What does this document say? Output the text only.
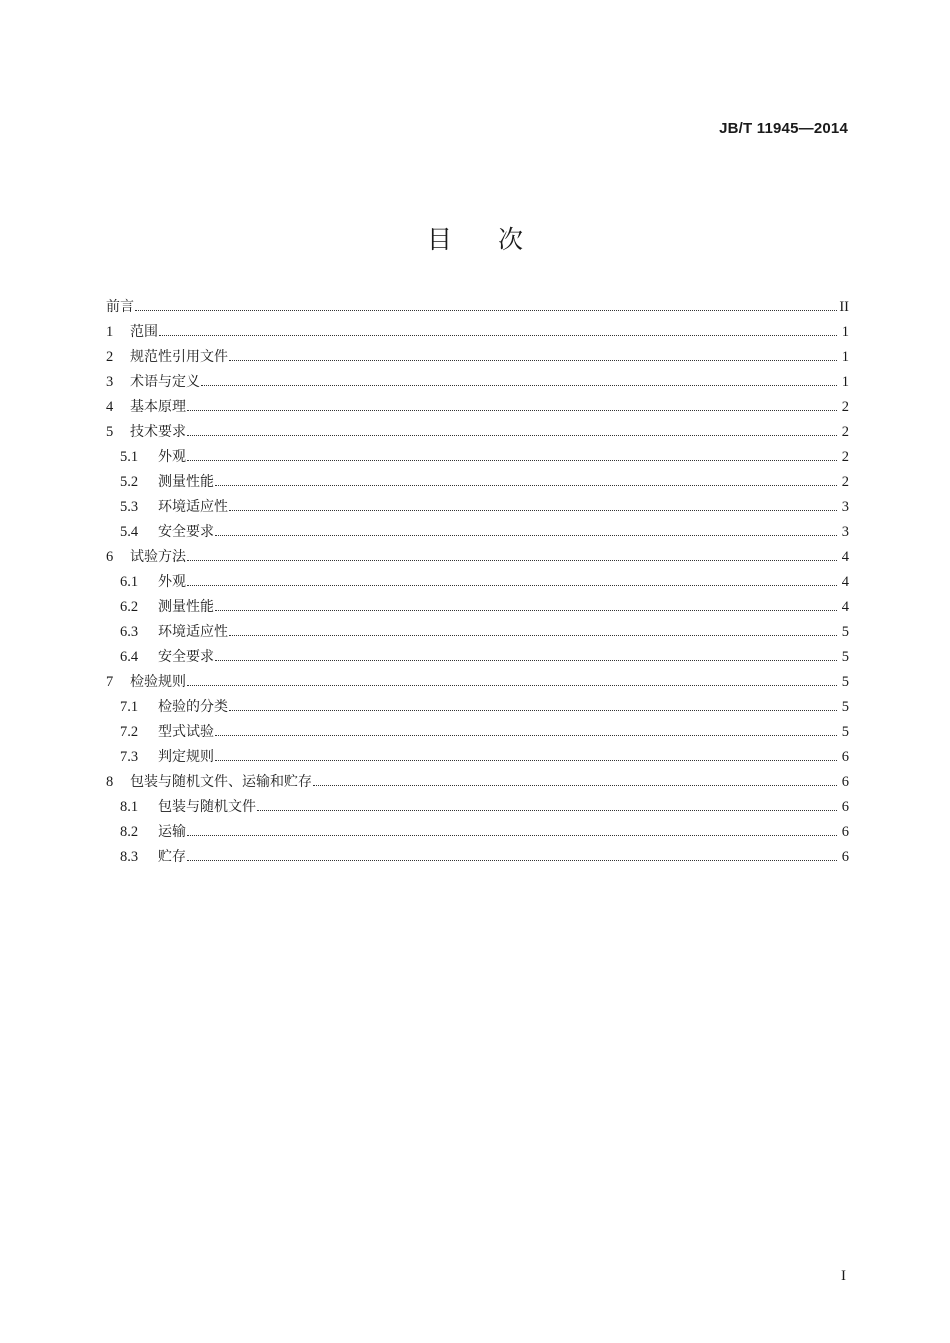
JB/T 11945—2014
目次
前言	II
1	范围	1
2	规范性引用文件	1
3	术语与定义	1
4	基本原理	2
5	技术要求	2
5.1	外观	2
5.2	测量性能	2
5.3	环境适应性	3
5.4	安全要求	3
6	试验方法	4
6.1	外观	4
6.2	测量性能	4
6.3	环境适应性	5
6.4	安全要求	5
7	检验规则	5
7.1	检验的分类	5
7.2	型式试验	5
7.3	判定规则	6
8	包装与随机文件、运输和贮存	6
8.1	包装与随机文件	6
8.2	运输	6
8.3	贮存	6
I
